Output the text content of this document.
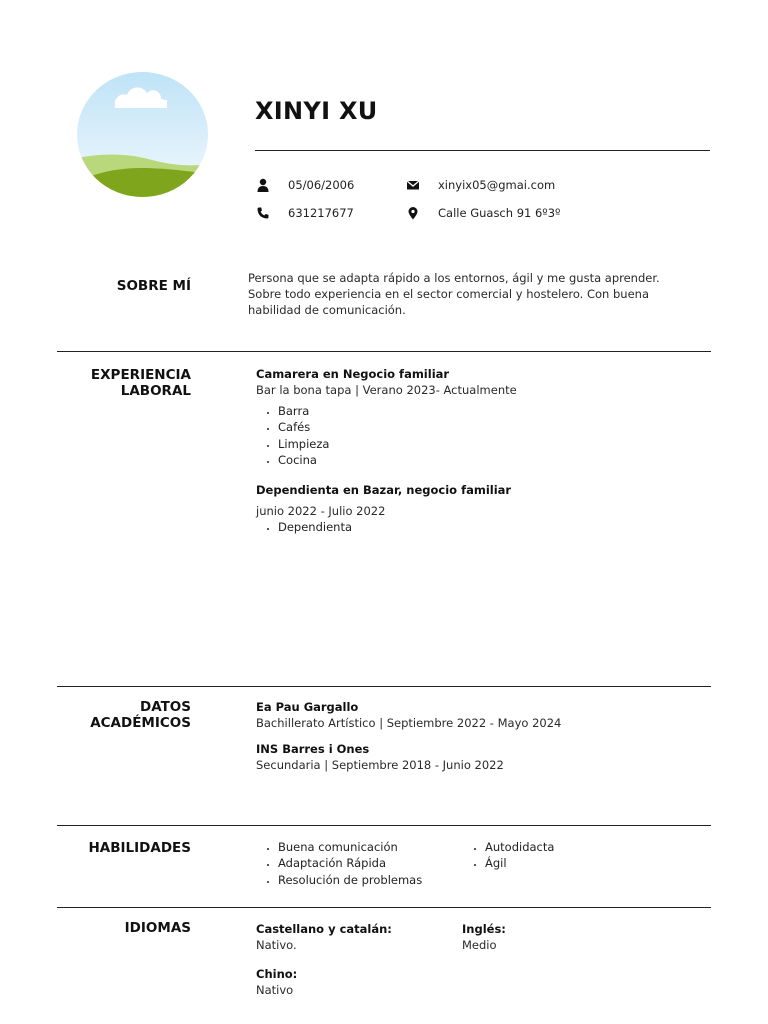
XINYI XU
05/06/2006	xinyix05@gmai.com
631217677	Calle Guasch 91 6º3º
SOBRE MÍ	Persona que se adapta rápido a los entornos, ágil y me gusta aprender.
Sobre todo experiencia en el sector comercial y hostelero. Con buena
habilidad de comunicación.
EXPERIENCIA
LABORAL
Camarera en Negocio familiar
Bar la bona tapa | Verano 2023- Actualmente
• Barra
• Cafés
• Limpieza
• Cocina
Dependienta en Bazar, negocio familiar
junio 2022 - Julio 2022
• Dependienta
DATOS
ACADÉMICOS
Ea Pau Gargallo
Bachillerato Artístico | Septiembre 2022 - Mayo 2024
INS Barres i Ones
Secundaria | Septiembre 2018 - Junio 2022
HABILIDADES
•	Buena comunicación
• Adaptación Rápida
• Resolución de problemas
• Autodidacta
• Ágil
IDIOMAS	Castellano y catalán:
Nativo.
Inglés:
Medio
Chino:
Nativo
